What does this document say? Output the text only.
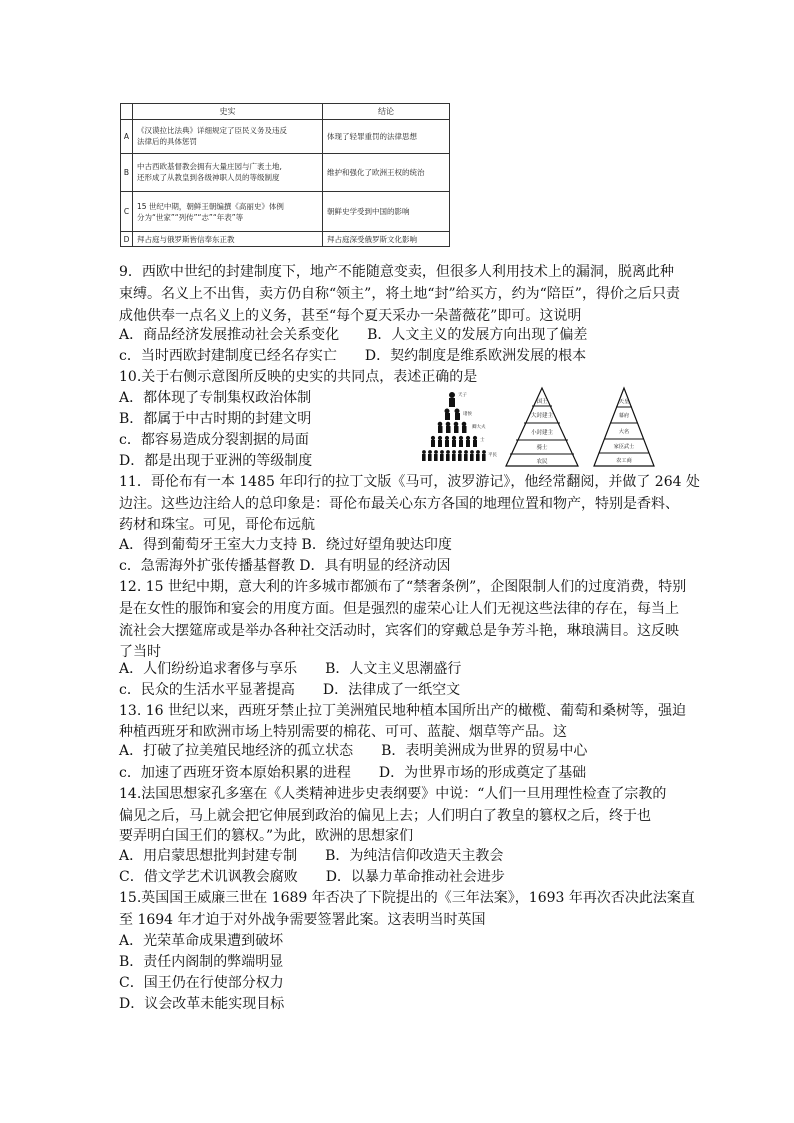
	史实	结论
A	《汉谟拉比法典》详细规定了臣民义务及违反
法律后的具体惩罚	体现了轻罪重罚的法律思想
B	中古西欧基督教会拥有大量庄园与广袤土地,
还形成了从教皇到各级神职人员的等级制度	维护和强化了欧洲王权的统治
C	15 世纪中期，朝鲜王朝编撰《高丽史》体例
分为“世家”“列传”“志”“年表”等	朝鲜史学受到中国的影响
D	拜占庭与俄罗斯皆信奉东正教	拜占庭深受俄罗斯文化影响
9．西欧中世纪的封建制度下，地产不能随意变卖，但很多人利用技术上的漏洞，脱离此种
束缚。名义上不出售，卖方仍自称“领主”，将土地“封”给买方，约为“陪臣”，得价之后只责
成他供奉一点名义上的义务，甚至“每个夏天采办一朵蔷薇花”即可。这说明
A．商品经济发展推动社会关系变化　　B．人文主义的发展方向出现了偏差
c．当时西欧封建制度已经名存实亡　　D．契约制度是维系欧洲发展的根本
10.关于右侧示意图所反映的史实的共同点，表述正确的是
A．都体现了专制集权政治体制
B．都属于中古时期的封建文明
c．都容易造成分裂割据的局面
D．都是出现于亚洲的等级制度
天子
诸侯
卿大夫
士
平民
国王
大封建主
小封建主
骑士
农民
天皇
幕府
大名
家臣武士
农工商
11．哥伦布有一本 1485 年印行的拉丁文版《马可，波罗游记》，他经常翻阅，并做了 264 处
边注。这些边注给人的总印象是：哥伦布最关心东方各国的地理位置和物产，特别是香料、
药材和珠宝。可见，哥伦布远航
A．得到葡萄牙王室大力支持 B．绕过好望角驶达印度
c．急需海外扩张传播基督教 D．具有明显的经济动因
12. 15 世纪中期，意大利的许多城市都颁布了“禁奢条例”，企图限制人们的过度消费，特别
是在女性的服饰和宴会的用度方面。但是强烈的虚荣心让人们无视这些法律的存在，每当上
流社会大摆筵席或是举办各种社交活动时，宾客们的穿戴总是争芳斗艳，琳琅满目。这反映
了当时
A．人们纷纷追求奢侈与享乐　　B．人文主义思潮盛行
c．民众的生活水平显著提高　　D．法律成了一纸空文
13. 16 世纪以来，西班牙禁止拉丁美洲殖民地种植本国所出产的橄榄、葡萄和桑树等，强迫
种植西班牙和欧洲市场上特别需要的棉花、可可、蓝靛、烟草等产品。这
A．打破了拉美殖民地经济的孤立状态　　B．表明美洲成为世界的贸易中心
c．加速了西班牙资本原始积累的进程　　D．为世界市场的形成奠定了基础
14.法国思想家孔多塞在《人类精神进步史表纲要》中说：“人们一旦用理性检查了宗教的
偏见之后，马上就会把它伸展到政治的偏见上去；人们明白了教皇的篡权之后，终于也
要弄明白国王们的篡权。”为此，欧洲的思想家们
A．用启蒙思想批判封建专制　　B．为纯洁信仰改造天主教会
C．借文学艺术讥讽教会腐败　　D．以暴力革命推动社会进步
15.英国国王威廉三世在 1689 年否决了下院提出的《三年法案》，1693 年再次否决此法案直
至 1694 年才迫于对外战争需要签署此案。这表明当时英国
A．光荣革命成果遭到破坏
B．责任内阁制的弊端明显
C．国王仍在行使部分权力
D．议会改革未能实现目标
